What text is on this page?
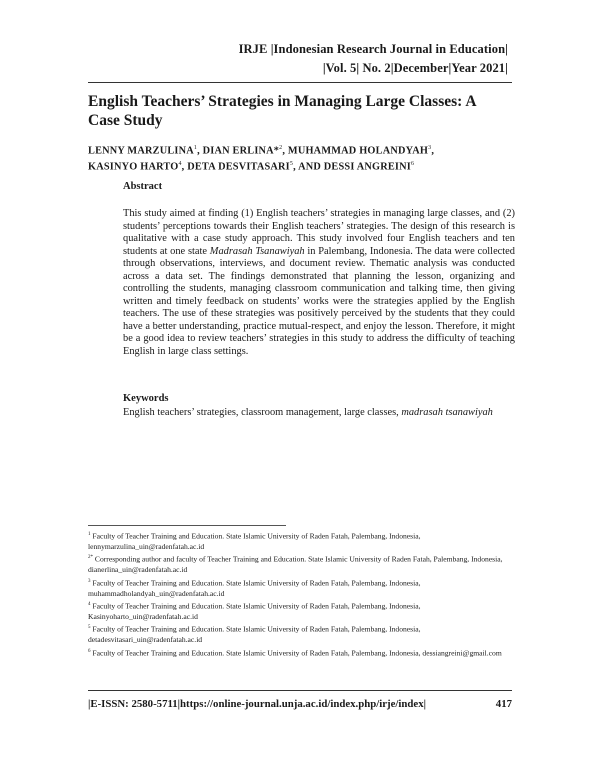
IRJE |Indonesian Research Journal in Education|
|Vol. 5| No. 2|December|Year 2021|
English Teachers’ Strategies in Managing Large Classes: A Case Study
LENNY MARZULINA$^1$, DIAN ERLINA*$^2$, MUHAMMAD HOLANDYAH$^3$,
KASINYO HARTO$^4$, DETA DESVITASARI$^5$, AND DESSI ANGREINI$^6$
Abstract

This study aimed at finding (1) English teachers’ strategies in managing large classes, and (2) students’ perceptions towards their English teachers’ strategies. The design of this research is qualitative with a case study approach. This study involved four English teachers and ten students at one state Madrasah Tsanawiyah in Palembang, Indonesia. The data were collected through observations, interviews, and document review. Thematic analysis was conducted across a data set. The findings demonstrated that planning the lesson, organizing and controlling the students, managing classroom communication and talking time, then giving written and timely feedback on students’ works were the strategies applied by the English teachers. The use of these strategies was positively perceived by the students that they could have a better understanding, practice mutual-respect, and enjoy the lesson. Therefore, it might be a good idea to review teachers’ strategies in this study to address the difficulty of teaching English in large class settings.

Keywords

English teachers’ strategies, classroom management, large classes, madrasah tsanawiyah

$^1$ Faculty of Teacher Training and Education. State Islamic University of Raden Fatah, Palembang, Indonesia, lennymarzulina_uin@radenfatah.ac.id

$^{2*}$ Corresponding author and faculty of Teacher Training and Education. State Islamic University of Raden Fatah, Palembang, Indonesia, dianerlina_uin@radenfatah.ac.id

$^3$ Faculty of Teacher Training and Education. State Islamic University of Raden Fatah, Palembang, Indonesia, muhammadholandyah_uin@radenfatah.ac.id

$^4$ Faculty of Teacher Training and Education. State Islamic University of Raden Fatah, Palembang, Indonesia, Kasinyoharto_uin@radenfatah.ac.id

$^5$ Faculty of Teacher Training and Education. State Islamic University of Raden Fatah, Palembang, Indonesia, detadesvitasari_uin@radenfatah.ac.id

$^6$ Faculty of Teacher Training and Education. State Islamic University of Raden Fatah, Palembang, Indonesia, dessiangreini@gmail.com

|E-ISSN: 2580-5711|https://online-journal.unja.ac.id/index.php/irje/index|	417
